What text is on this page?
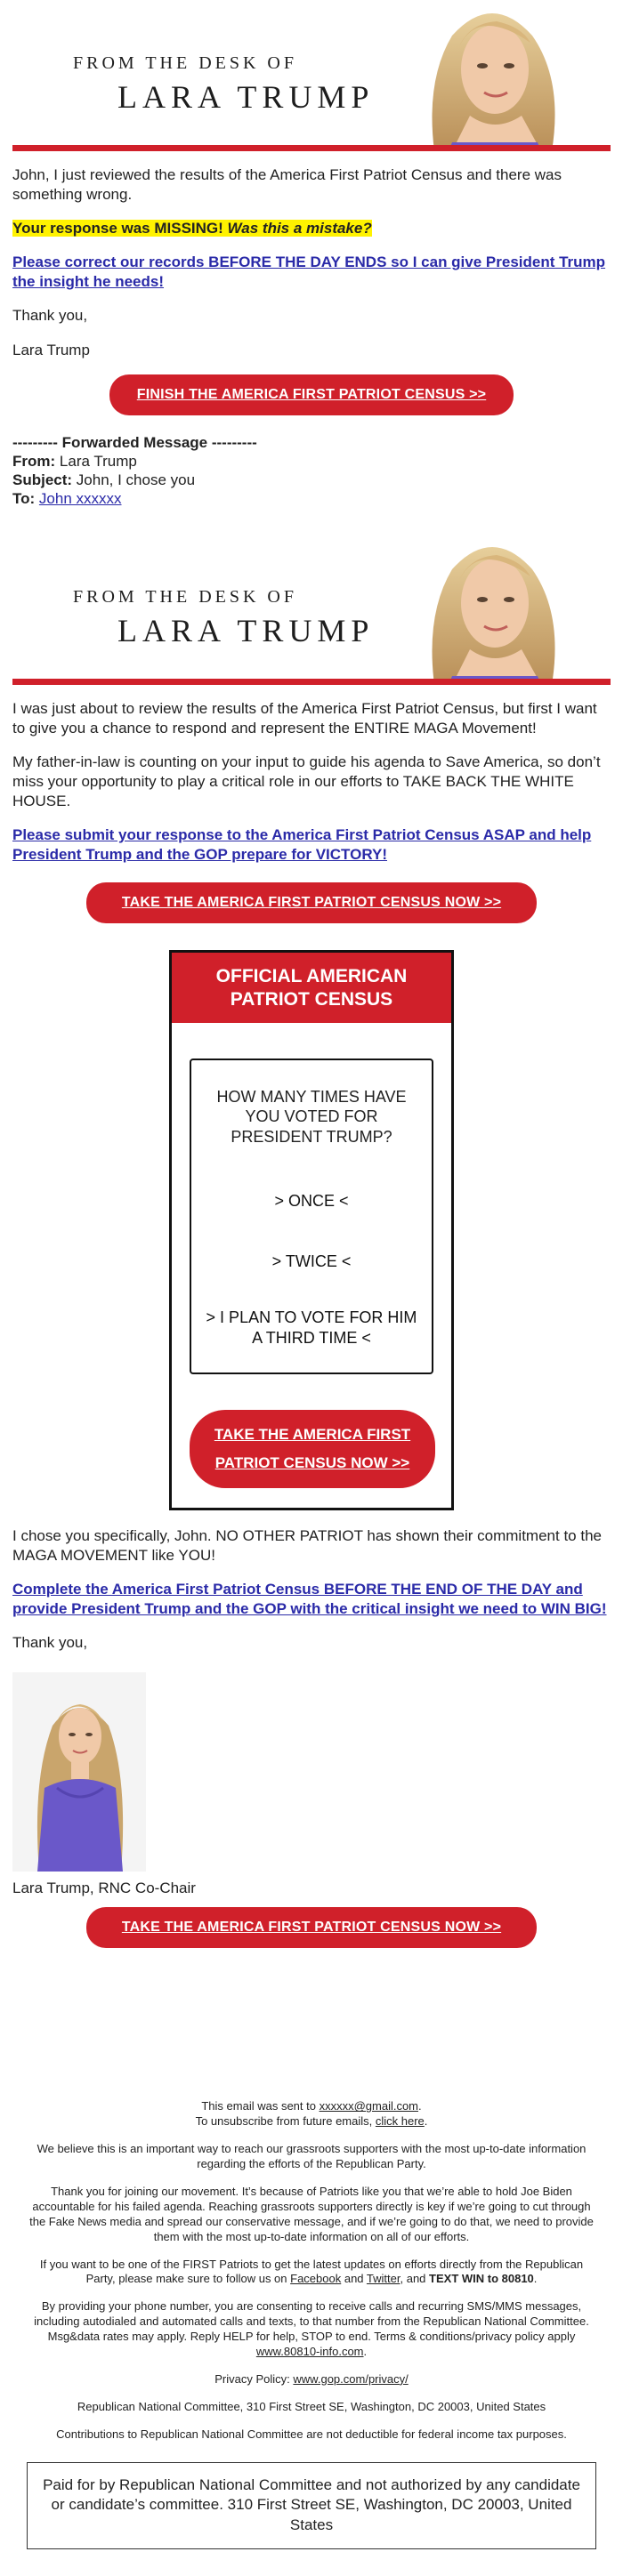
FROM THE DESK OF
LARA TRUMP

John, I just reviewed the results of the America First Patriot Census and there was something wrong.

Your response was MISSING! Was this a mistake?

Please correct our records BEFORE THE DAY ENDS so I can give President Trump the insight he needs!

Thank you,

Lara Trump

FINISH THE AMERICA FIRST PATRIOT CENSUS >>
--------- Forwarded Message ---------
From: Lara Trump
Subject: John, I chose you
To: John xxxxxx
FROM THE DESK OF
LARA TRUMP

I was just about to review the results of the America First Patriot Census, but first I want to give you a chance to respond and represent the ENTIRE MAGA Movement!

My father-in-law is counting on your input to guide his agenda to Save America, so don’t miss your opportunity to play a critical role in our efforts to TAKE BACK THE WHITE HOUSE.

Please submit your response to the America First Patriot Census ASAP and help President Trump and the GOP prepare for VICTORY!

TAKE THE AMERICA FIRST PATRIOT CENSUS NOW >>
OFFICIAL AMERICAN PATRIOT CENSUS
HOW MANY TIMES HAVE YOU VOTED FOR PRESIDENT TRUMP?
> ONCE <
> TWICE <
> I PLAN TO VOTE FOR HIM A THIRD TIME <
TAKE THE AMERICA FIRST PATRIOT CENSUS NOW >>

I chose you specifically, John. NO OTHER PATRIOT has shown their commitment to the MAGA MOVEMENT like YOU!

Complete the America First Patriot Census BEFORE THE END OF THE DAY and provide President Trump and the GOP with the critical insight we need to WIN BIG!

Thank you,

Lara Trump, RNC Co-Chair

TAKE THE AMERICA FIRST PATRIOT CENSUS NOW >>

This email was sent to xxxxxx@gmail.com.
To unsubscribe from future emails, click here.

We believe this is an important way to reach our grassroots supporters with the most up-to-date information regarding the efforts of the Republican Party.

Thank you for joining our movement. It’s because of Patriots like you that we’re able to hold Joe Biden accountable for his failed agenda. Reaching grassroots supporters directly is key if we’re going to cut through the Fake News media and spread our conservative message, and if we’re going to do that, we need to provide them with the most up-to-date information on all of our efforts.

If you want to be one of the FIRST Patriots to get the latest updates on efforts directly from the Republican Party, please make sure to follow us on Facebook and Twitter, and TEXT WIN to 80810.

By providing your phone number, you are consenting to receive calls and recurring SMS/MMS messages, including autodialed and automated calls and texts, to that number from the Republican National Committee. Msg&data rates may apply. Reply HELP for help, STOP to end. Terms & conditions/privacy policy apply www.80810-info.com.

Privacy Policy: www.gop.com/privacy/

Republican National Committee, 310 First Street SE, Washington, DC 20003, United States

Contributions to Republican National Committee are not deductible for federal income tax purposes.

Paid for by Republican National Committee and not authorized by any candidate or candidate’s committee. 310 First Street SE, Washington, DC 20003, United States
